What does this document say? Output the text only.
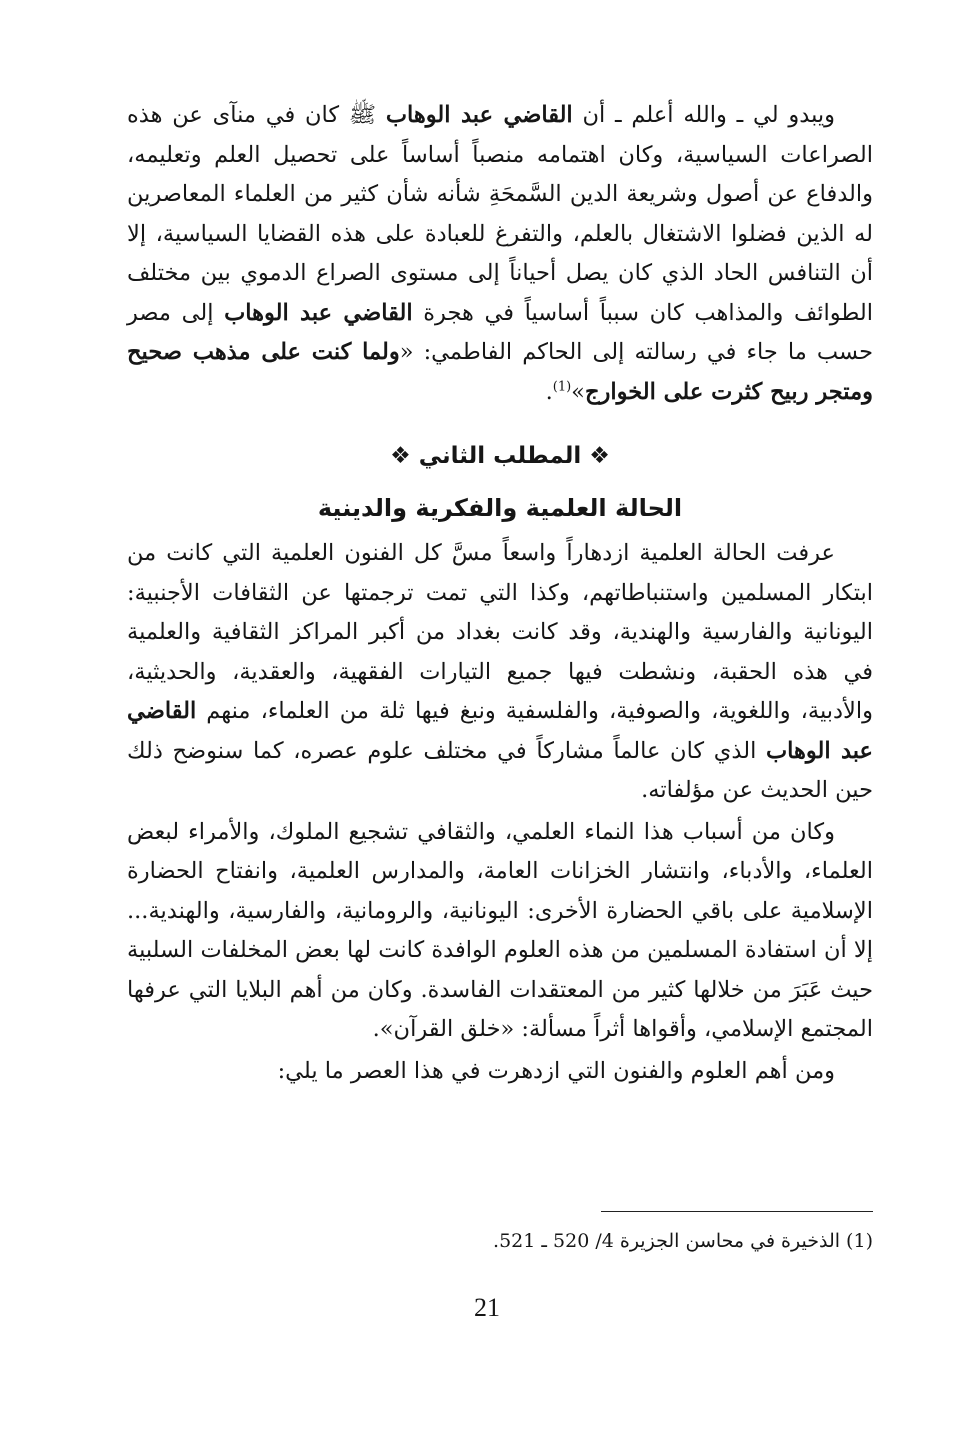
ويبدو لي ـ والله أعلم ـ أن القاضي عبد الوهاب ﷺ كان في منآى عن هذه الصراعات السياسية، وكان اهتمامه منصباً أساساً على تحصيل العلم وتعليمه، والدفاع عن أصول وشريعة الدين السَّمحَةِ شأنه شأن كثير من العلماء المعاصرين له الذين فضلوا الاشتغال بالعلم، والتفرغ للعبادة على هذه القضايا السياسية، إلا أن التنافس الحاد الذي كان يصل أحياناً إلى مستوى الصراع الدموي بين مختلف الطوائف والمذاهب كان سبباً أساسياً في هجرة القاضي عبد الوهاب إلى مصر حسب ما جاء في رسالته إلى الحاكم الفاطمي: «ولما كنت على مذهب صحيح ومتجر ربيح كثرت على الخوارج»$^{(1)}$.

❖ المطلب الثاني ❖
الحالة العلمية والفكرية والدينية

عرفت الحالة العلمية ازدهاراً واسعاً مسَّ كل الفنون العلمية التي كانت من ابتكار المسلمين واستنباطاتهم، وكذا التي تمت ترجمتها عن الثقافات الأجنبية: اليونانية والفارسية والهندية، وقد كانت بغداد من أكبر المراكز الثقافية والعلمية في هذه الحقبة، ونشطت فيها جميع التيارات الفقهية، والعقدية، والحديثية، والأدبية، واللغوية، والصوفية، والفلسفية ونبغ فيها ثلة من العلماء، منهم القاضي عبد الوهاب الذي كان عالماً مشاركاً في مختلف علوم عصره، كما سنوضح ذلك حين الحديث عن مؤلفاته.

وكان من أسباب هذا النماء العلمي، والثقافي تشجيع الملوك، والأمراء لبعض العلماء، والأدباء، وانتشار الخزانات العامة، والمدارس العلمية، وانفتاح الحضارة الإسلامية على باقي الحضارة الأخرى: اليونانية، والرومانية، والفارسية، والهندية... إلا أن استفادة المسلمين من هذه العلوم الوافدة كانت لها بعض المخلفات السلبية حيث عَبَرَ من خلالها كثير من المعتقدات الفاسدة. وكان من أهم البلايا التي عرفها المجتمع الإسلامي، وأقواها أثراً مسألة: «خلق القرآن».

ومن أهم العلوم والفنون التي ازدهرت في هذا العصر ما يلي:

(1) الذخيرة في محاسن الجزيرة 4/ 520 ـ 521.
21
